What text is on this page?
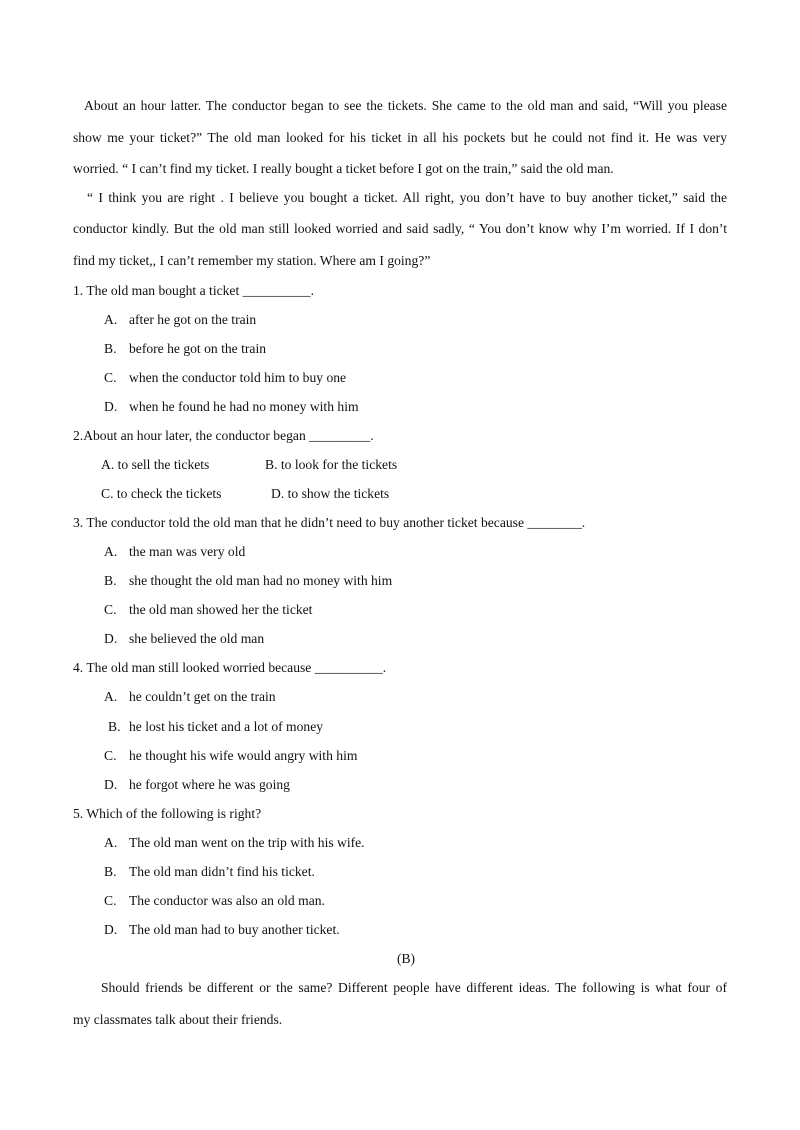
About an hour latter. The conductor began to see the tickets. She came to the old man and said, “Will you please
show me your ticket?” The old man looked for his ticket in all his pockets but he could not find it. He was very
worried. “ I can’t find my ticket. I really bought a ticket before I got on the train,” said the old man.
“ I think you are right . I believe you bought a ticket. All right, you don’t have to buy another ticket,” said the
conductor kindly. But the old man still looked worried and said sadly, “ You don’t know why I’m worried. If I don’t
find my ticket,, I can’t remember my station. Where am I going?”
1. The old man bought a ticket __________.
A. after he got on the train
B. before he got on the train
C. when the conductor told him to buy one
D. when he found he had no money with him
2.About an hour later, the conductor began _________.
A. to sell the tickets	B. to look for the tickets
C. to check the tickets	D. to show the tickets
3. The conductor told the old man that he didn’t need to buy another ticket because ________.
A. the man was very old
B. she thought the old man had no money with him
C. the old man showed her the ticket
D. she believed the old man
4. The old man still looked worried because __________.
A. he couldn’t get on the train
B. he lost his ticket and a lot of money
C. he thought his wife would angry with him
D. he forgot where he was going
5. Which of the following is right?
A. The old man went on the trip with his wife.
B. The old man didn’t find his ticket.
C. The conductor was also an old man.
D. The old man had to buy another ticket.
(B)
Should friends be different or the same? Different people have different ideas. The following is what four of
my classmates talk about their friends.
